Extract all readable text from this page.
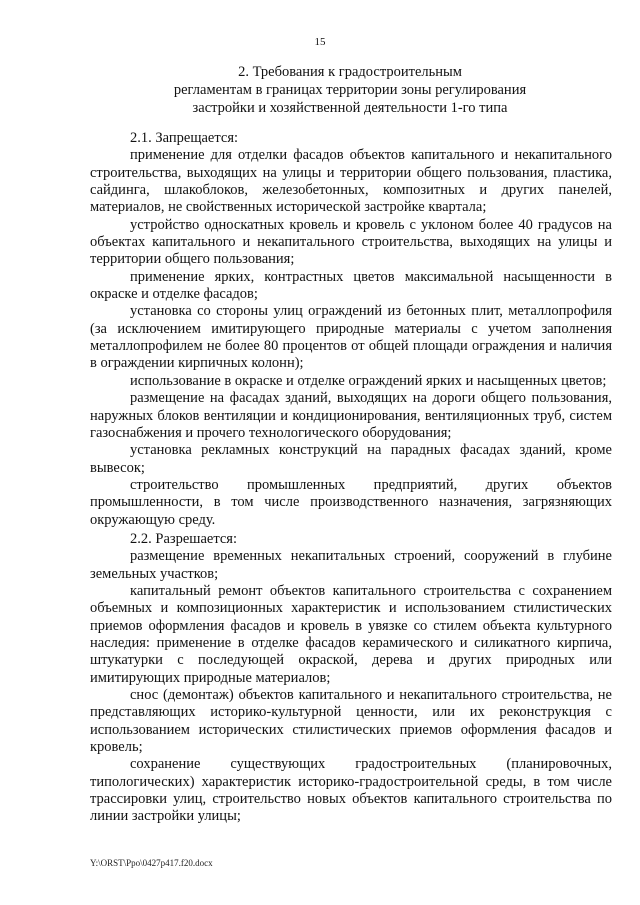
15
2. Требования к градостроительным
регламентам в границах территории зоны регулирования
застройки и хозяйственной деятельности 1-го типа

2.1. Запрещается:

применение для отделки фасадов объектов капитального и некапитального строительства, выходящих на улицы и территории общего пользования, пластика, сайдинга, шлакоблоков, железобетонных, композитных и других панелей, материалов, не свойственных исторической застройке квартала;

устройство односкатных кровель и кровель с уклоном более 40 градусов на объектах капитального и некапитального строительства, выходящих на улицы и территории общего пользования;

применение ярких, контрастных цветов максимальной насыщенности в окраске и отделке фасадов;

установка со стороны улиц ограждений из бетонных плит, металлопрофиля (за исключением имитирующего природные материалы с учетом заполнения металлопрофилем не более 80 процентов от общей площади ограждения и наличия в ограждении кирпичных колонн);

использование в окраске и отделке ограждений ярких и насыщенных цветов;

размещение на фасадах зданий, выходящих на дороги общего пользования, наружных блоков вентиляции и кондиционирования, вентиляционных труб, систем газоснабжения и прочего технологического оборудования;

установка рекламных конструкций на парадных фасадах зданий, кроме вывесок;

строительство промышленных предприятий, других объектов промышленности, в том числе производственного назначения, загрязняющих окружающую среду.

2.2. Разрешается:

размещение временных некапитальных строений, сооружений в глубине земельных участков;

капитальный ремонт объектов капитального строительства с сохранением объемных и композиционных характеристик и использованием стилистических приемов оформления фасадов и кровель в увязке со стилем объекта культурного наследия: применение в отделке фасадов керамического и силикатного кирпича, штукатурки с последующей окраской, дерева и других природных или имитирующих природные материалов;

снос (демонтаж) объектов капитального и некапитального строительства, не представляющих историко-культурной ценности, или их реконструкция с использованием исторических стилистических приемов оформления фасадов и кровель;

сохранение существующих градостроительных (планировочных, типологических) характеристик историко-градостроительной среды, в том числе трассировки улиц, строительство новых объектов капитального строительства по линии застройки улицы;

Y:\ORST\Ppo\0427p417.f20.docx
